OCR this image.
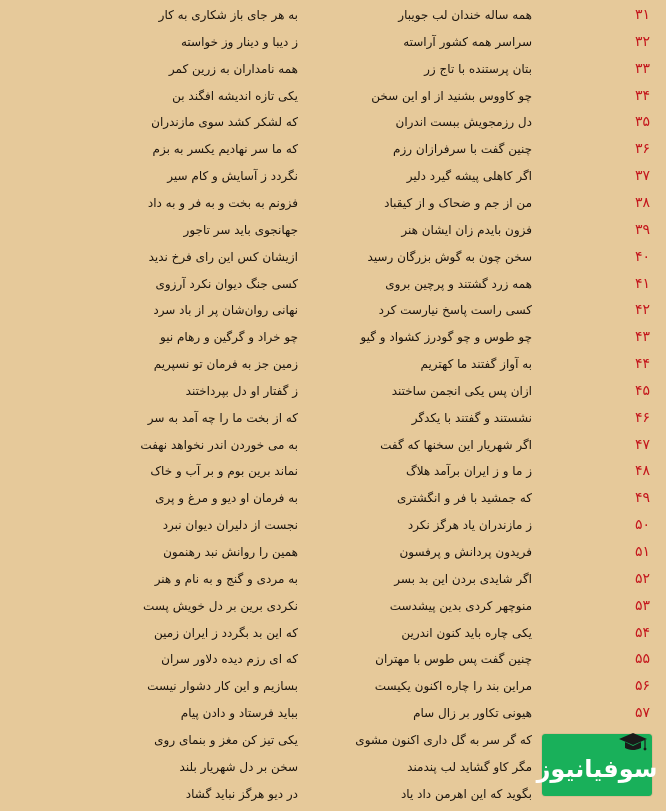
۳۱
همه ساله خندان لب جویبار
به هر جای باز شکاری به کار
۳۲
سراسر همه کشور آراسته
ز دیبا و دینار وز خواسته
۳۳
بتان پرستنده با تاج زر
همه نامداران به زرین کمر
۳۴
چو کاووس بشنید از او این سخن
یکی تازه اندیشه افگند بن
۳۵
دل رزمجویش ببست اندران
که لشکر کشد سوی مازندران
۳۶
چنین گفت با سرفرازان رزم
که ما سر نهادیم یکسر به بزم
۳۷
اگر کاهلی پیشه گیرد دلیر
نگردد ز آسایش و کام سیر
۳۸
من از جم و ضحاک و از کیقباد
فزونم به بخت و به فر و به داد
۳۹
فزون بایدم زان ایشان هنر
جهانجوی باید سر تاجور
۴۰
سخن چون به گوش بزرگان رسید
ازیشان کس این رای فرخ ندید
۴۱
همه زرد گشتند و پرچین بروی
کسی جنگ دیوان نکرد آرزوی
۴۲
کسی راست پاسخ نیارست کرد
نهانی روان‌شان پر از باد سرد
۴۳
چو طوس و چو گودرز کشواد و گیو
چو خراد و گرگین و رهام نیو
۴۴
به آواز گفتند ما کهتریم
زمین جز به فرمان تو نسپریم
۴۵
ازان پس یکی انجمن ساختند
ز گفتار او دل بپرداختند
۴۶
نشستند و گفتند با یکدگر
که از بخت ما را چه آمد به سر
۴۷
اگر شهریار این سخنها که گفت
به می خوردن اندر نخواهد نهفت
۴۸
ز ما و ز ایران برآمد هلاگ
نماند برین بوم و بر آب و خاک
۴۹
که جمشید با فر و انگشتری
به فرمان او دیو و مرغ و پری
۵۰
ز مازندران یاد هرگز نکرد
نجست از دلیران دیوان نبرد
۵۱
فریدون پردانش و پرفسون
همین را روانش نبد رهنمون
۵۲
اگر شایدی بردن این بد بسر
به مردی و گنج و به نام و هنر
۵۳
منوچهر کردی بدین پیشدست
نکردی برین بر دل خویش پست
۵۴
یکی چاره باید کنون اندرین
که این بد بگردد ز ایران زمین
۵۵
چنین گفت پس طوس با مهتران
که ای رزم دیده دلاور سران
۵۶
مراین بند را چاره اکنون یکیست
بسازیم و این کار دشوار نیست
۵۷
هیونی تکاور بر زال سام
بباید فرستاد و دادن پیام
که گر سر به گل داری اکنون مشوی
یکی تیز کن مغز و بنمای روی
مگر کاو گشاید لب پندمند
سخن بر دل شهریار بلند
بگوید که این اهرمن داد یاد
در دیو هرگز نباید گشاد
سوفیانیوز
